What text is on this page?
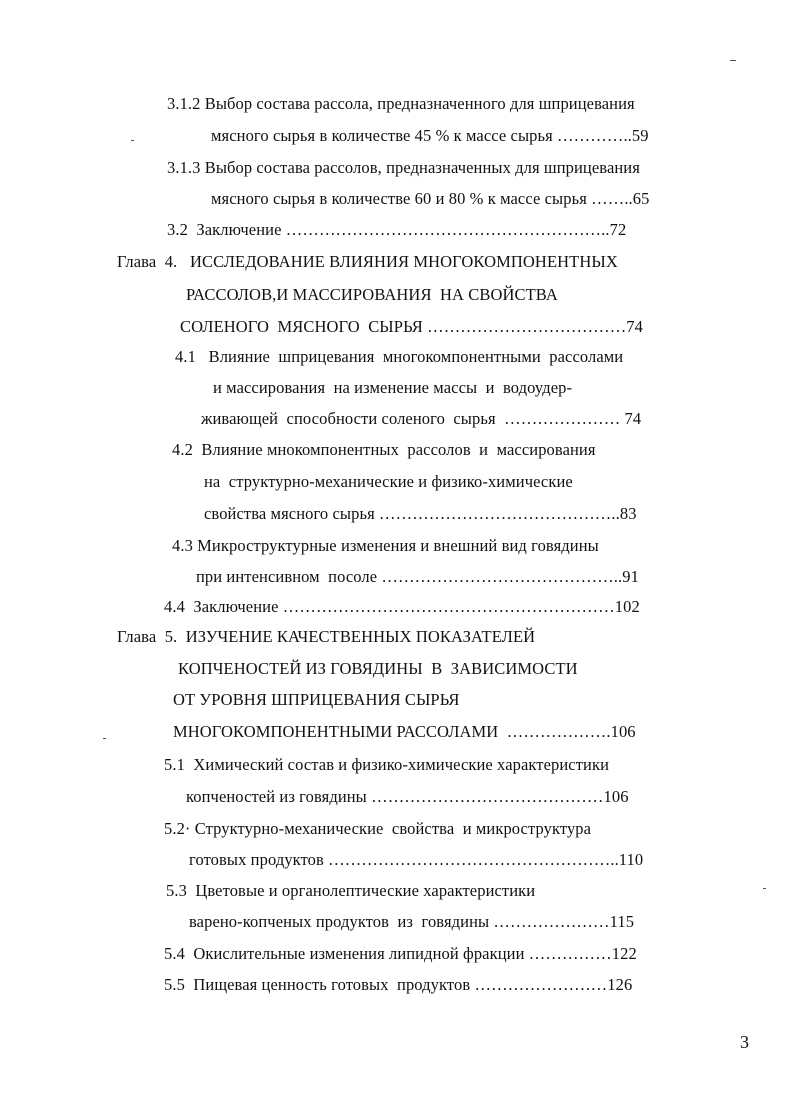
3.1.2 Выбор состава рассола, предназначенного для шприцевания
мясного сырья в количестве 45 % к массе сырья …………..59
3.1.3 Выбор состава рассолов, предназначенных для шприцевания
мясного сырья в количестве 60 и 80 % к массе сырья ……..65
3.2  Заключение …………………………………………………..72
Глава  4.   ИССЛЕДОВАНИЕ ВЛИЯНИЯ МНОГОКОМПОНЕНТНЫХ
РАССОЛОВ,И МАССИРОВАНИЯ  НА СВОЙСТВА
СОЛЕНОГО  МЯСНОГО  СЫРЬЯ ………………………………74
4.1   Влияние  шприцевания  многокомпонентными  рассолами
и массирования  на изменение массы  и  водоудер-
живающей  способности соленого  сырья  ………………… 74
4.2  Влияние мнокомпонентных  рассолов  и  массирования
на  структурно-механические и физико-химические
свойства мясного сырья ……………………………………..83
4.3 Микроструктурные изменения и внешний вид говядины
при интенсивном  посоле ……………………………………..91
4.4  Заключение ……………………………………………………102
Глава  5.  ИЗУЧЕНИЕ КАЧЕСТВЕННЫХ ПОКАЗАТЕЛЕЙ
КОПЧЕНОСТЕЙ ИЗ ГОВЯДИНЫ  В  ЗАВИСИМОСТИ
ОТ УРОВНЯ ШПРИЦЕВАНИЯ СЫРЬЯ
МНОГОКОМПОНЕНТНЫМИ РАССОЛАМИ  ……………….106
5.1  Химический состав и физико-химические характеристики
копченостей из говядины ……………………………………106
5.2· Структурно-механические  свойства  и микроструктура
готовых продуктов ……………………………………………..110
5.3  Цветовые и органолептические характеристики
варено-копченых продуктов  из  говядины …………………115
5.4  Окислительные изменения липидной фракции ……………122
5.5  Пищевая ценность готовых  продуктов ……………………126
3
